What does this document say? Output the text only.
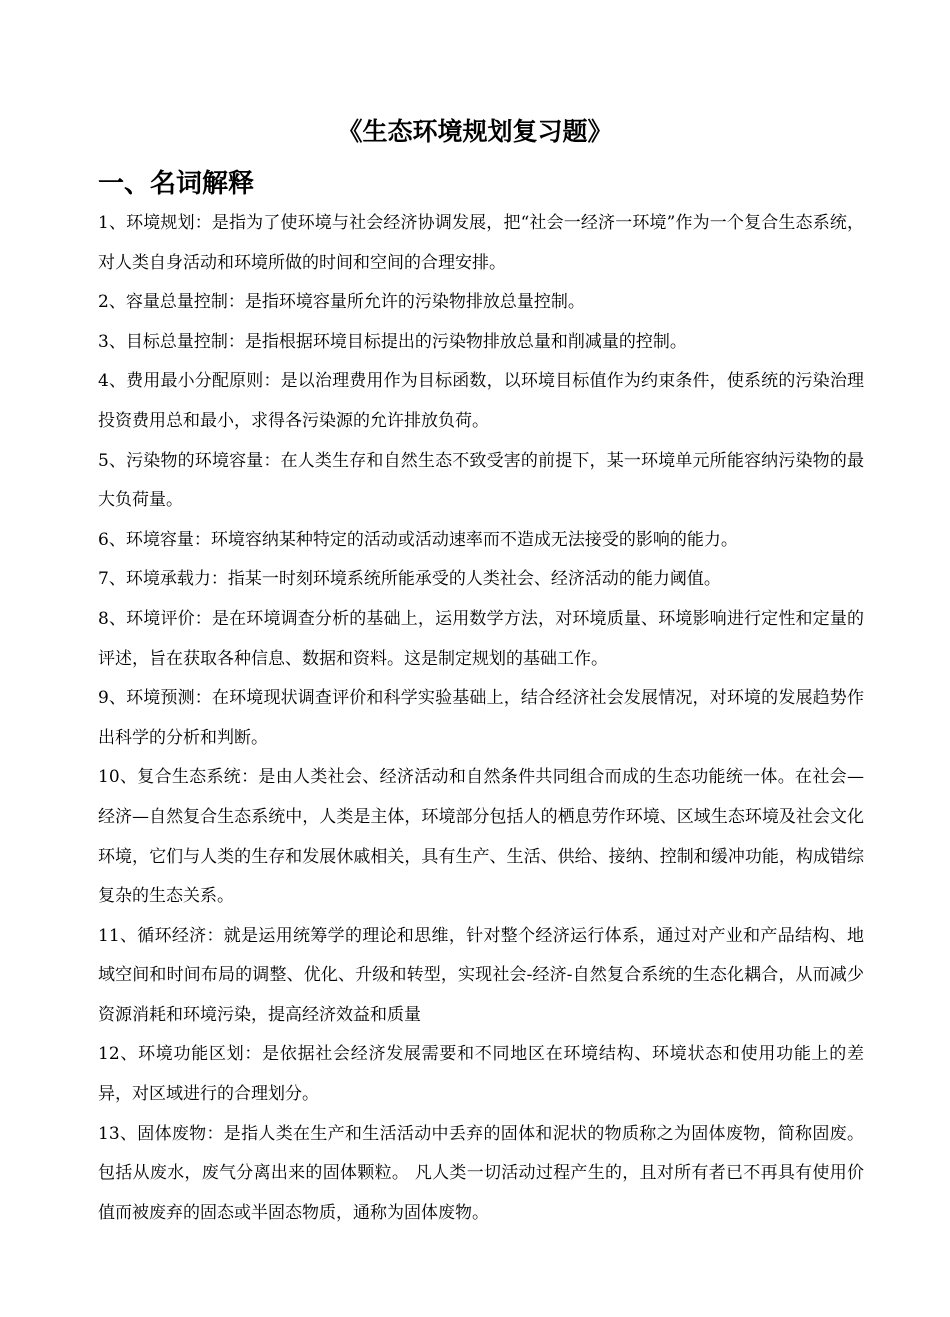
《生态环境规划复习题》
一、名词解释

1、环境规划：是指为了使环境与社会经济协调发展，把“社会一经济一环境”作为一个复合生态系统，对人类自身活动和环境所做的时间和空间的合理安排。

2、容量总量控制：是指环境容量所允许的污染物排放总量控制。

3、目标总量控制：是指根据环境目标提出的污染物排放总量和削减量的控制。

4、费用最小分配原则：是以治理费用作为目标函数，以环境目标值作为约束条件，使系统的污染治理投资费用总和最小，求得各污染源的允许排放负荷。

5、污染物的环境容量：在人类生存和自然生态不致受害的前提下，某一环境单元所能容纳污染物的最大负荷量。

6、环境容量：环境容纳某种特定的活动或活动速率而不造成无法接受的影响的能力。

7、环境承载力：指某一时刻环境系统所能承受的人类社会、经济活动的能力阈值。

8、环境评价：是在环境调查分析的基础上，运用数学方法，对环境质量、环境影响进行定性和定量的评述，旨在获取各种信息、数据和资料。这是制定规划的基础工作。

9、环境预测：在环境现状调查评价和科学实验基础上，结合经济社会发展情况，对环境的发展趋势作出科学的分析和判断。

10、复合生态系统：是由人类社会、经济活动和自然条件共同组合而成的生态功能统一体。在社会—经济—自然复合生态系统中，人类是主体，环境部分包括人的栖息劳作环境、区域生态环境及社会文化环境，它们与人类的生存和发展休戚相关，具有生产、生活、供给、接纳、控制和缓冲功能，构成错综复杂的生态关系。

11、循环经济：就是运用统筹学的理论和思维，针对整个经济运行体系，通过对产业和产品结构、地域空间和时间布局的调整、优化、升级和转型，实现社会-经济-自然复合系统的生态化耦合，从而减少资源消耗和环境污染，提高经济效益和质量

12、环境功能区划：是依据社会经济发展需要和不同地区在环境结构、环境状态和使用功能上的差异，对区域进行的合理划分。

13、固体废物：是指人类在生产和生活活动中丢弃的固体和泥状的物质称之为固体废物，简称固废。 包括从废水，废气分离出来的固体颗粒。 凡人类一切活动过程产生的，且对所有者已不再具有使用价值而被废弃的固态或半固态物质，通称为固体废物。
